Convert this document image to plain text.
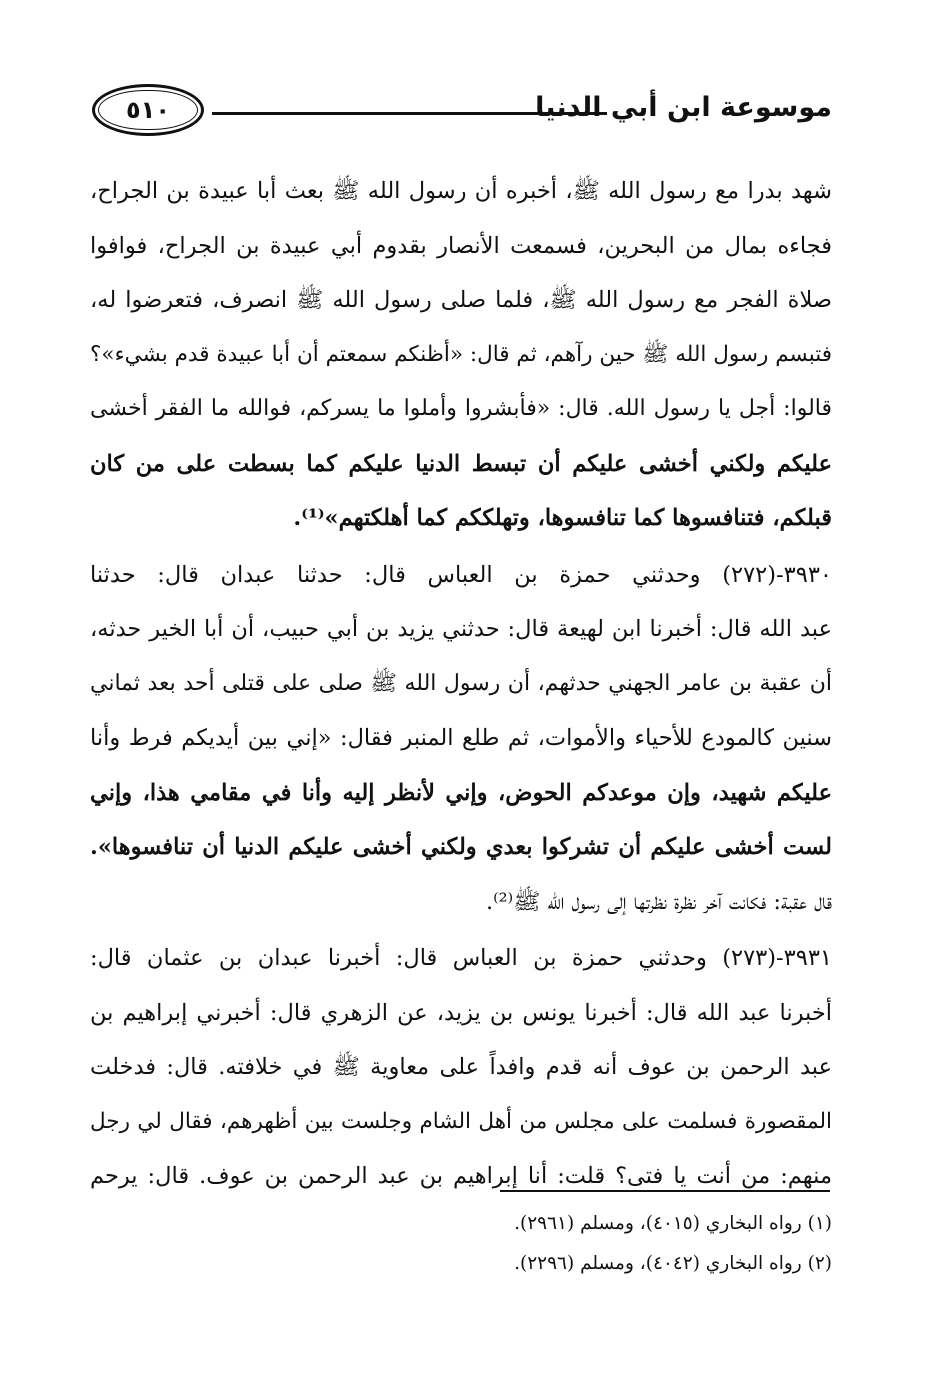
موسوعة ابن أبي الدنيا
٥١٠
شهد بدرا مع رسول الله ﷺ، أخبره أن رسول الله ﷺ بعث أبا عبيدة بن الجراح،
فجاءه بمال من البحرين، فسمعت الأنصار بقدوم أبي عبيدة بن الجراح، فوافوا
صلاة الفجر مع رسول الله ﷺ، فلما صلى رسول الله ﷺ انصرف، فتعرضوا له،
فتبسم رسول الله ﷺ حين رآهم، ثم قال: «أظنكم سمعتم أن أبا عبيدة قدم بشيء»؟
قالوا: أجل يا رسول الله. قال: «فأبشروا وأملوا ما يسركم، فوالله ما الفقر أخشى
عليكم ولكني أخشى عليكم أن تبسط الدنيا عليكم كما بسطت على من كان
قبلكم، فتنافسوها كما تنافسوها، وتهلككم كما أهلكتهم»⁽¹⁾.
٣٩٣٠-(٢٧٢) وحدثني حمزة بن العباس قال: حدثنا عبدان قال: حدثنا
عبد الله قال: أخبرنا ابن لهيعة قال: حدثني يزيد بن أبي حبيب، أن أبا الخير حدثه،
أن عقبة بن عامر الجهني حدثهم، أن رسول الله ﷺ صلى على قتلى أحد بعد ثماني
سنين كالمودع للأحياء والأموات، ثم طلع المنبر فقال: «إني بين أيديكم فرط وأنا
عليكم شهيد، وإن موعدكم الحوض، وإني لأنظر إليه وأنا في مقامي هذا، وإني
لست أخشى عليكم أن تشركوا بعدي ولكني أخشى عليكم الدنيا أن تنافسوها».
قال عقبة: فكانت آخر نظرة نظرتها إلى رسول الله ﷺ⁽²⁾.
٣٩٣١-(٢٧٣) وحدثني حمزة بن العباس قال: أخبرنا عبدان بن عثمان قال:
أخبرنا عبد الله قال: أخبرنا يونس بن يزيد، عن الزهري قال: أخبرني إبراهيم بن
عبد الرحمن بن عوف أنه قدم وافداً على معاوية ﷺ في خلافته. قال: فدخلت
المقصورة فسلمت على مجلس من أهل الشام وجلست بين أظهرهم، فقال لي رجل
منهم: من أنت يا فتى؟ قلت: أنا إبراهيم بن عبد الرحمن بن عوف. قال: يرحم
(١) رواه البخاري (٤٠١٥)، ومسلم (٢٩٦١).
(٢) رواه البخاري (٤٠٤٢)، ومسلم (٢٢٩٦).
